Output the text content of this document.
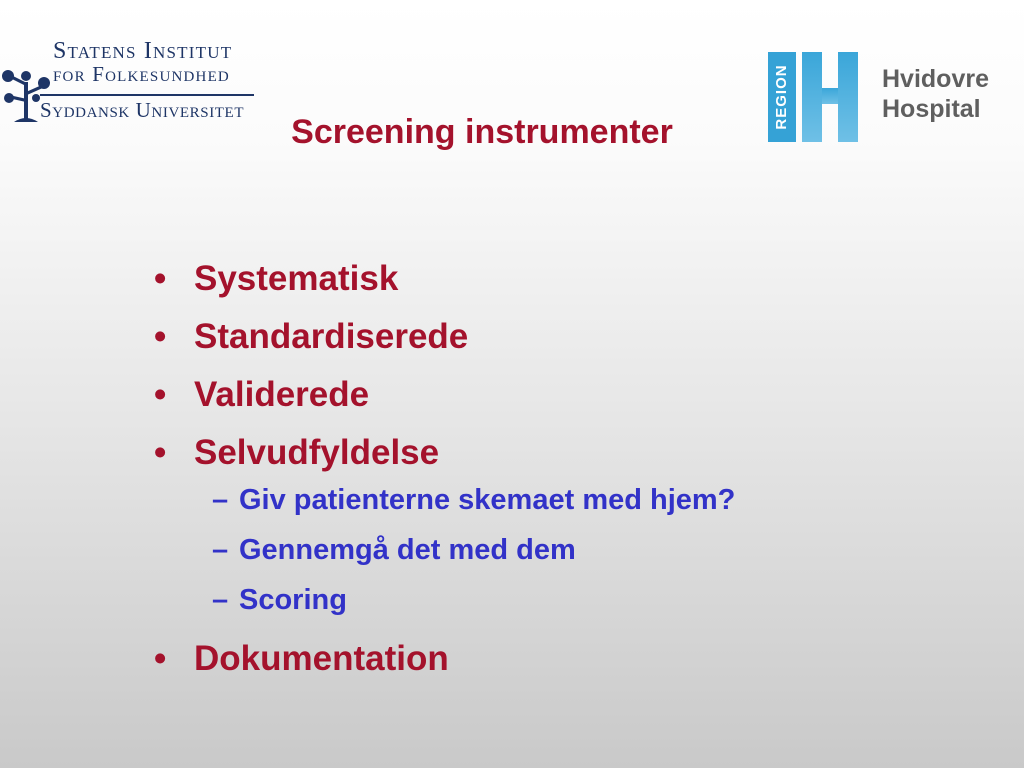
Statens Institut
for Folkesundhed
Syddansk Universitet	REGION	Hvidovre
Hospital
Screening instrumenter
• Systematisk
• Standardiserede
• Validerede
• Selvudfyldelse
– Giv patienterne skemaet med hjem?
– Gennemgå det med dem
– Scoring
• Dokumentation
